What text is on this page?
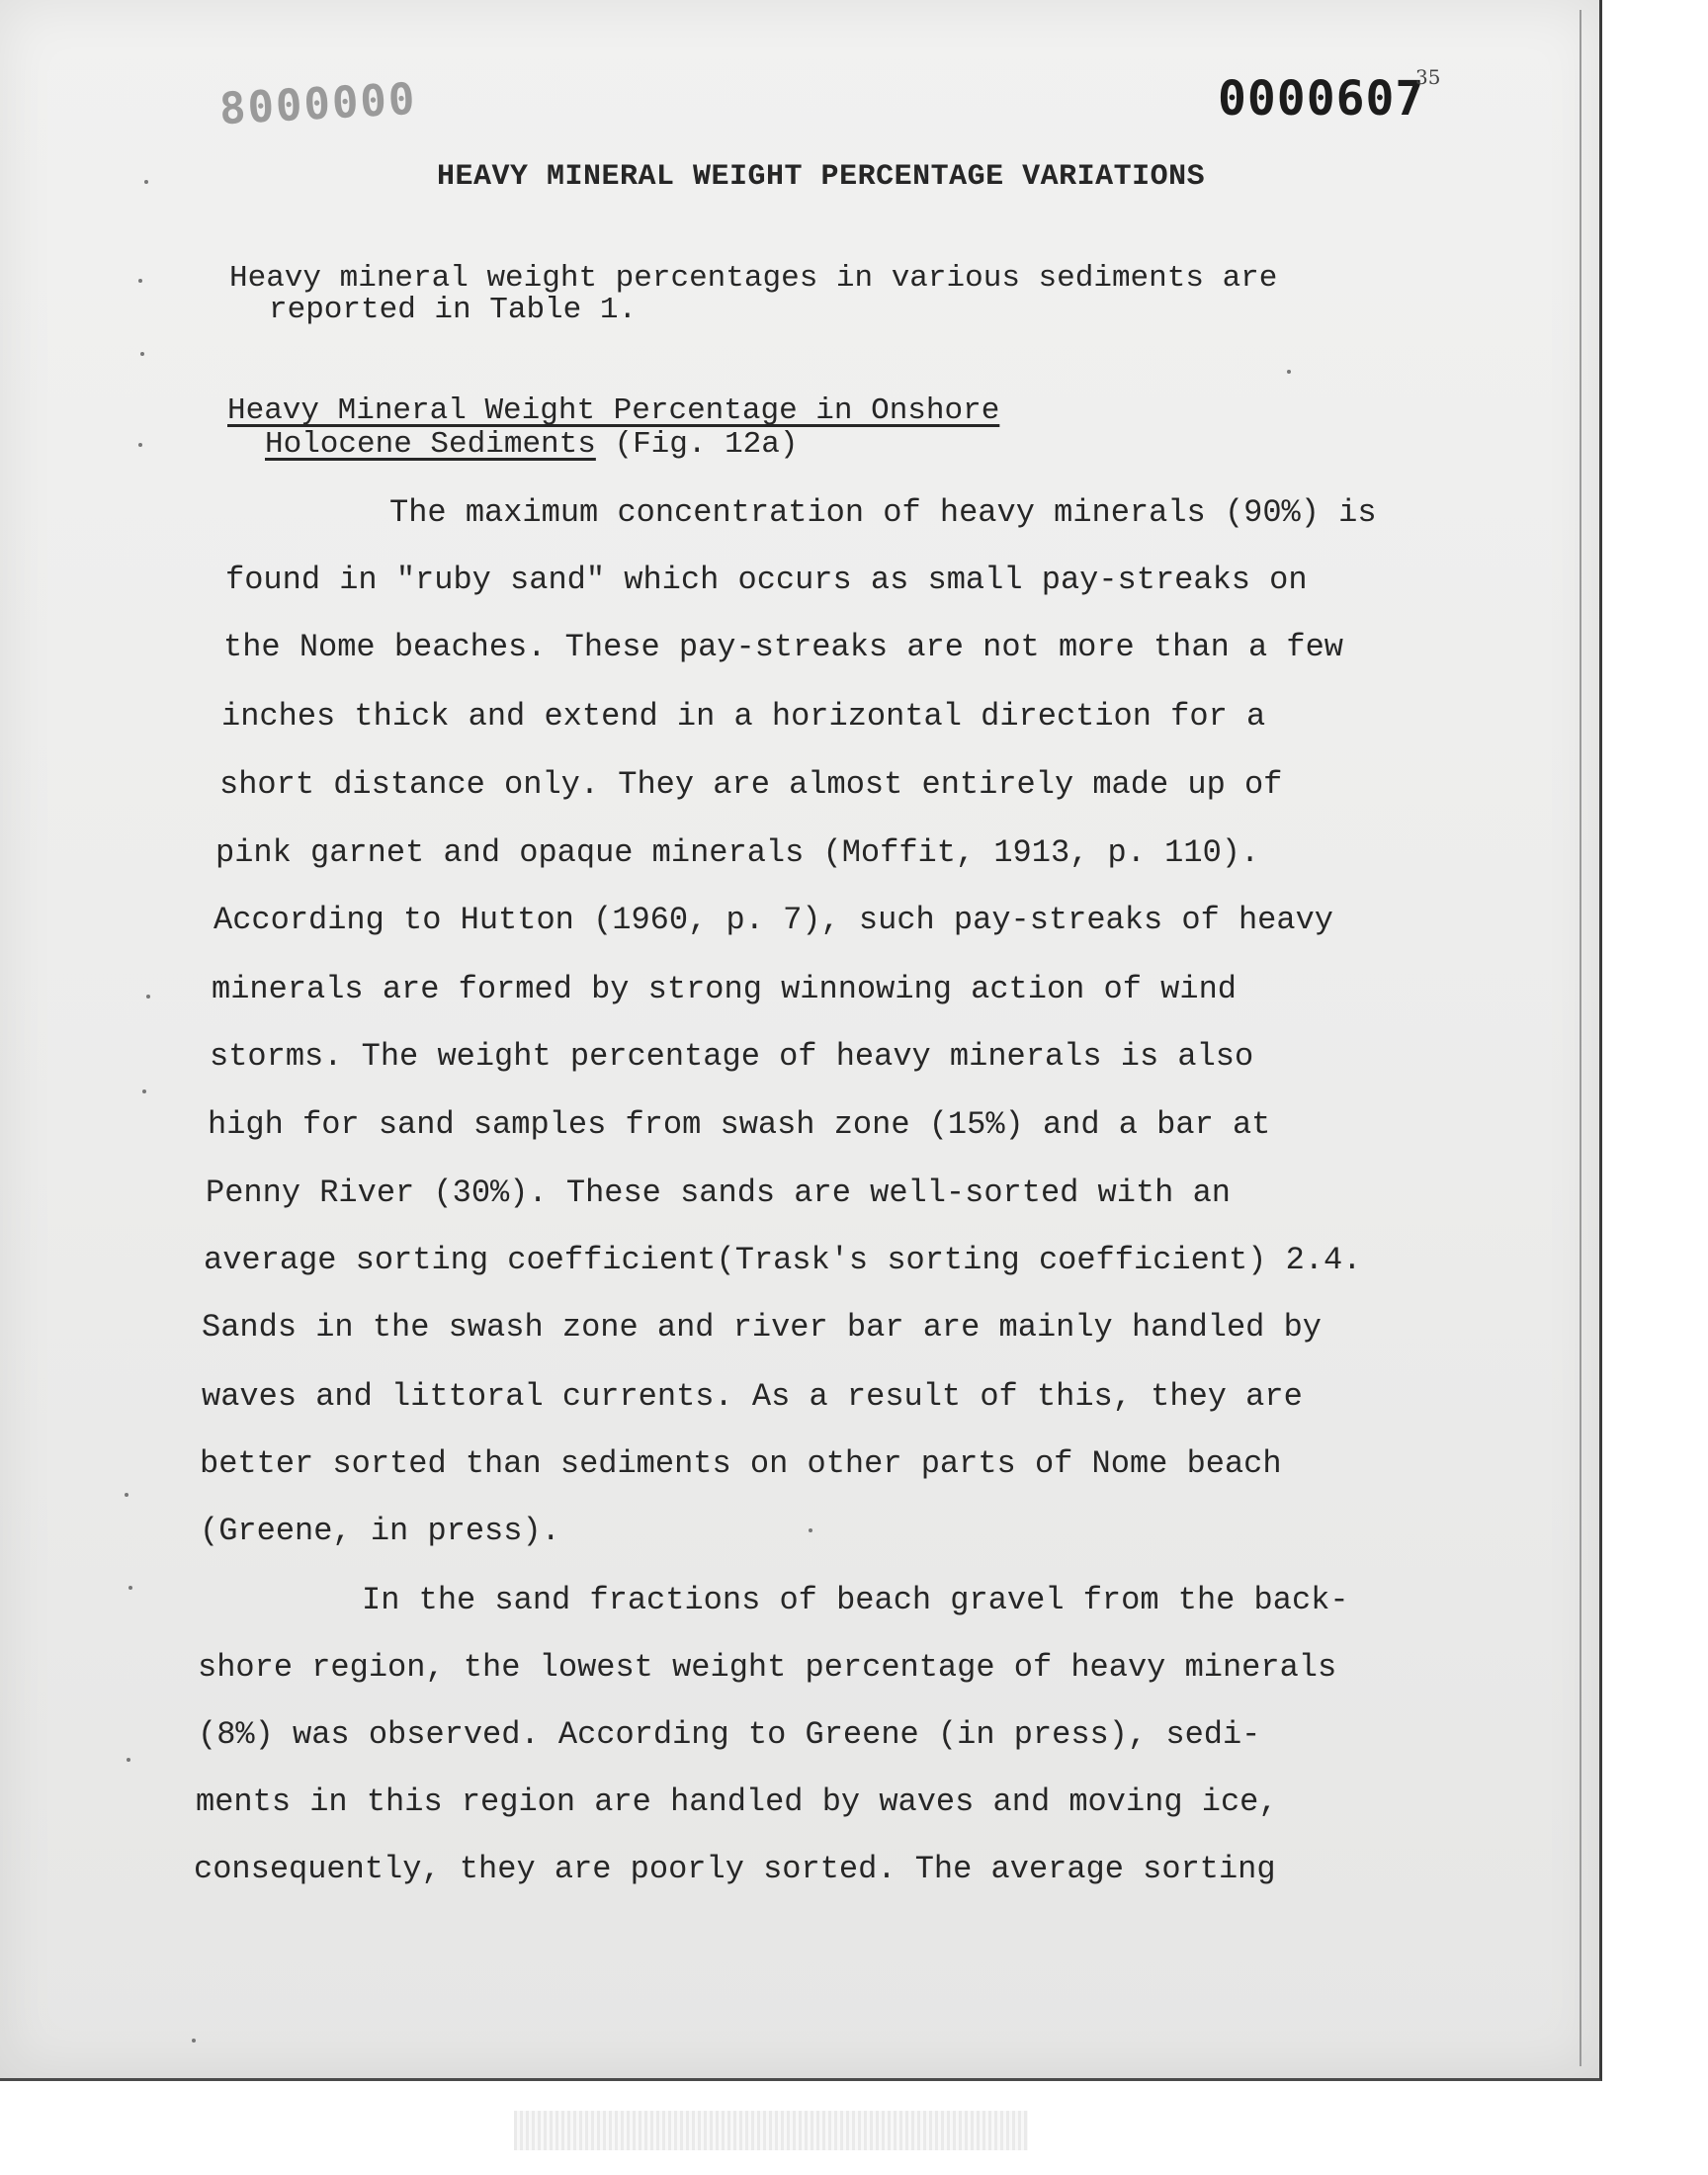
8000000	0000607
35
HEAVY MINERAL WEIGHT PERCENTAGE VARIATIONS

Heavy mineral weight percentages in various sediments are

reported in Table 1.

Heavy Mineral Weight Percentage in Onshore

Holocene Sediments (Fig. 12a)

The maximum concentration of heavy minerals (90%) is

found in "ruby sand" which occurs as small pay-streaks on

the Nome beaches. These pay-streaks are not more than a few

inches thick and extend in a horizontal direction for a

short distance only. They are almost entirely made up of

pink garnet and opaque minerals (Moffit, 1913, p. 110).

According to Hutton (1960, p. 7), such pay-streaks of heavy

minerals are formed by strong winnowing action of wind

storms. The weight percentage of heavy minerals is also

high for sand samples from swash zone (15%) and a bar at

Penny River (30%). These sands are well-sorted with an

average sorting coefficient(Trask's sorting coefficient) 2.4.

Sands in the swash zone and river bar are mainly handled by

waves and littoral currents. As a result of this, they are

better sorted than sediments on other parts of Nome beach

(Greene, in press).

In the sand fractions of beach gravel from the back-

shore region, the lowest weight percentage of heavy minerals

(8%) was observed. According to Greene (in press), sedi-

ments in this region are handled by waves and moving ice,

consequently, they are poorly sorted. The average sorting
